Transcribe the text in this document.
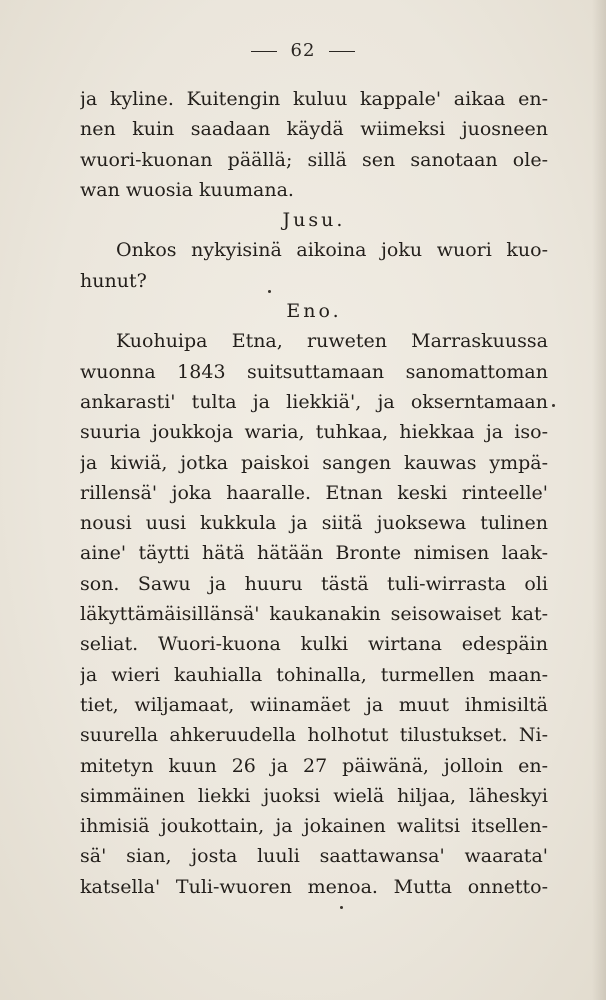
62
ja kyline. Kuitengin kuluu kappale' aikaa en-
nen kuin saadaan käydä wiimeksi juosneen
wuori-kuonan päällä; sillä sen sanotaan ole-
wan wuosia kuumana.
Jusu.
Onkos nykyisinä aikoina joku wuori kuo-
hunut?
Eno.
Kuohuipa Etna, ruweten Marraskuussa
wuonna 1843 suitsuttamaan sanomattoman
ankarasti' tulta ja liekkiä', ja okserntamaan
suuria joukkoja waria, tuhkaa, hiekkaa ja iso-
ja kiwiä, jotka paiskoi sangen kauwas ympä-
rillensä' joka haaralle. Etnan keski rinteelle'
nousi uusi kukkula ja siitä juoksewa tulinen
aine' täytti hätä hätään Bronte nimisen laak-
son. Sawu ja huuru tästä tuli-wirrasta oli
läkyttämäisillänsä' kaukanakin seisowaiset kat-
seliat. Wuori-kuona kulki wirtana edespäin
ja wieri kauhialla tohinalla, turmellen maan-
tiet, wiljamaat, wiinamäet ja muut ihmisiltä
suurella ahkeruudella holhotut tilustukset. Ni-
mitetyn kuun 26 ja 27 päiwänä, jolloin en-
simmäinen liekki juoksi wielä hiljaa, läheskyi
ihmisiä joukottain, ja jokainen walitsi itsellen-
sä' sian, josta luuli saattawansa' waarata'
katsella' Tuli-wuoren menoa. Mutta onnetto-
